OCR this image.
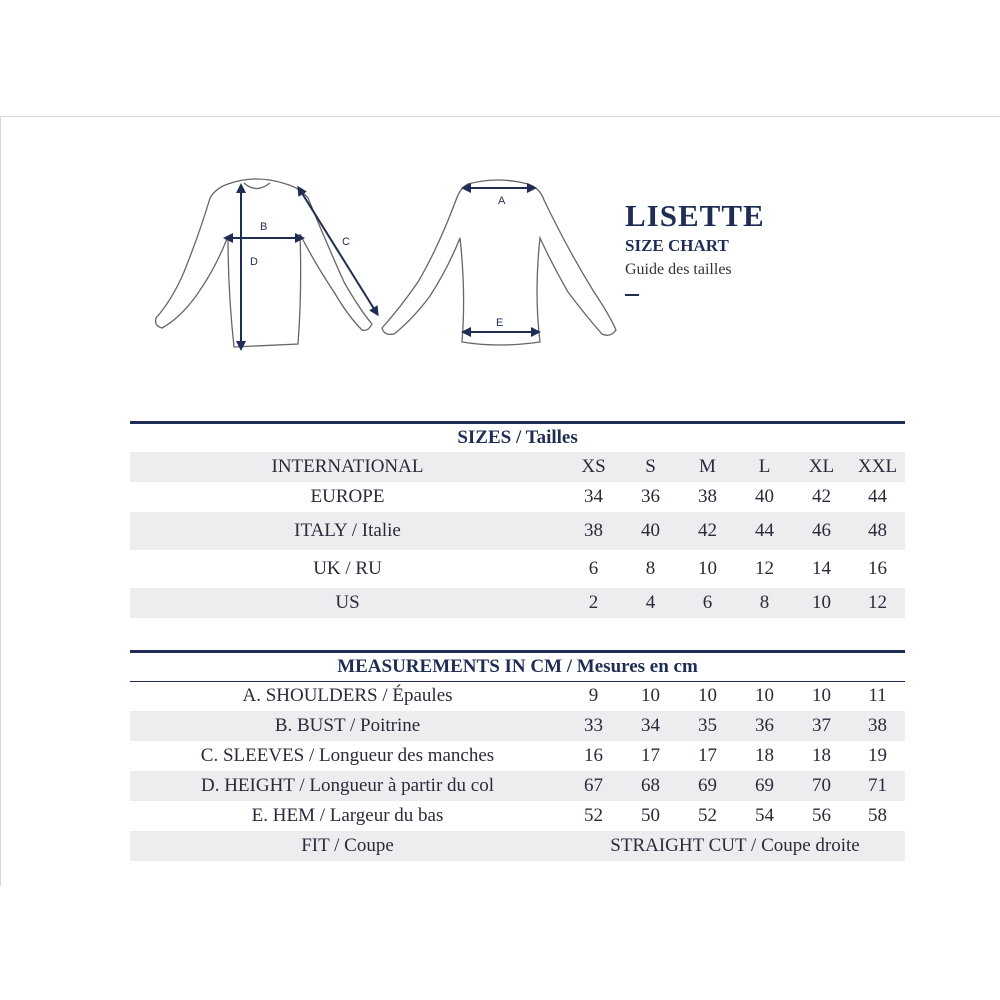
B
D
C
A
E
LISETTE
SIZE CHART
Guide des tailles
SIZES / Tailles						
INTERNATIONAL	XS	S	M	L	XL	XXL
EUROPE	34	36	38	40	42	44
ITALY / Italie	38	40	42	44	46	48
UK / RU	6	8	10	12	14	16
US	2	4	6	8	10	12
MEASUREMENTS IN CM / Mesures en cm						
A. SHOULDERS / Épaules	9	10	10	10	10	11
B. BUST / Poitrine	33	34	35	36	37	38
C. SLEEVES / Longueur des manches	16	17	17	18	18	19
D. HEIGHT / Longueur à partir du col	67	68	69	69	70	71
E. HEM / Largeur du bas	52	50	52	54	56	58
FIT / Coupe	STRAIGHT CUT / Coupe droite					
